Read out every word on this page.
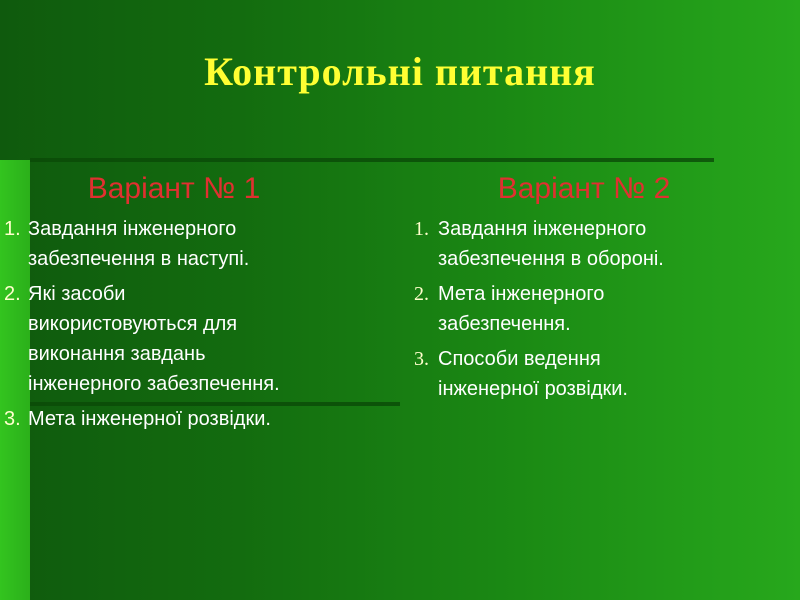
Контрольні питання
Варіант № 1
1. Завдання інженерного
забезпечення в наступі.
2. Які засоби
використовуються для
виконання завдань
інженерного забезпечення.
3. Мета інженерної розвідки.
Варіант № 2
1. Завдання інженерного
забезпечення в обороні.
2. Мета інженерного
забезпечення.
3. Способи ведення
інженерної розвідки.
